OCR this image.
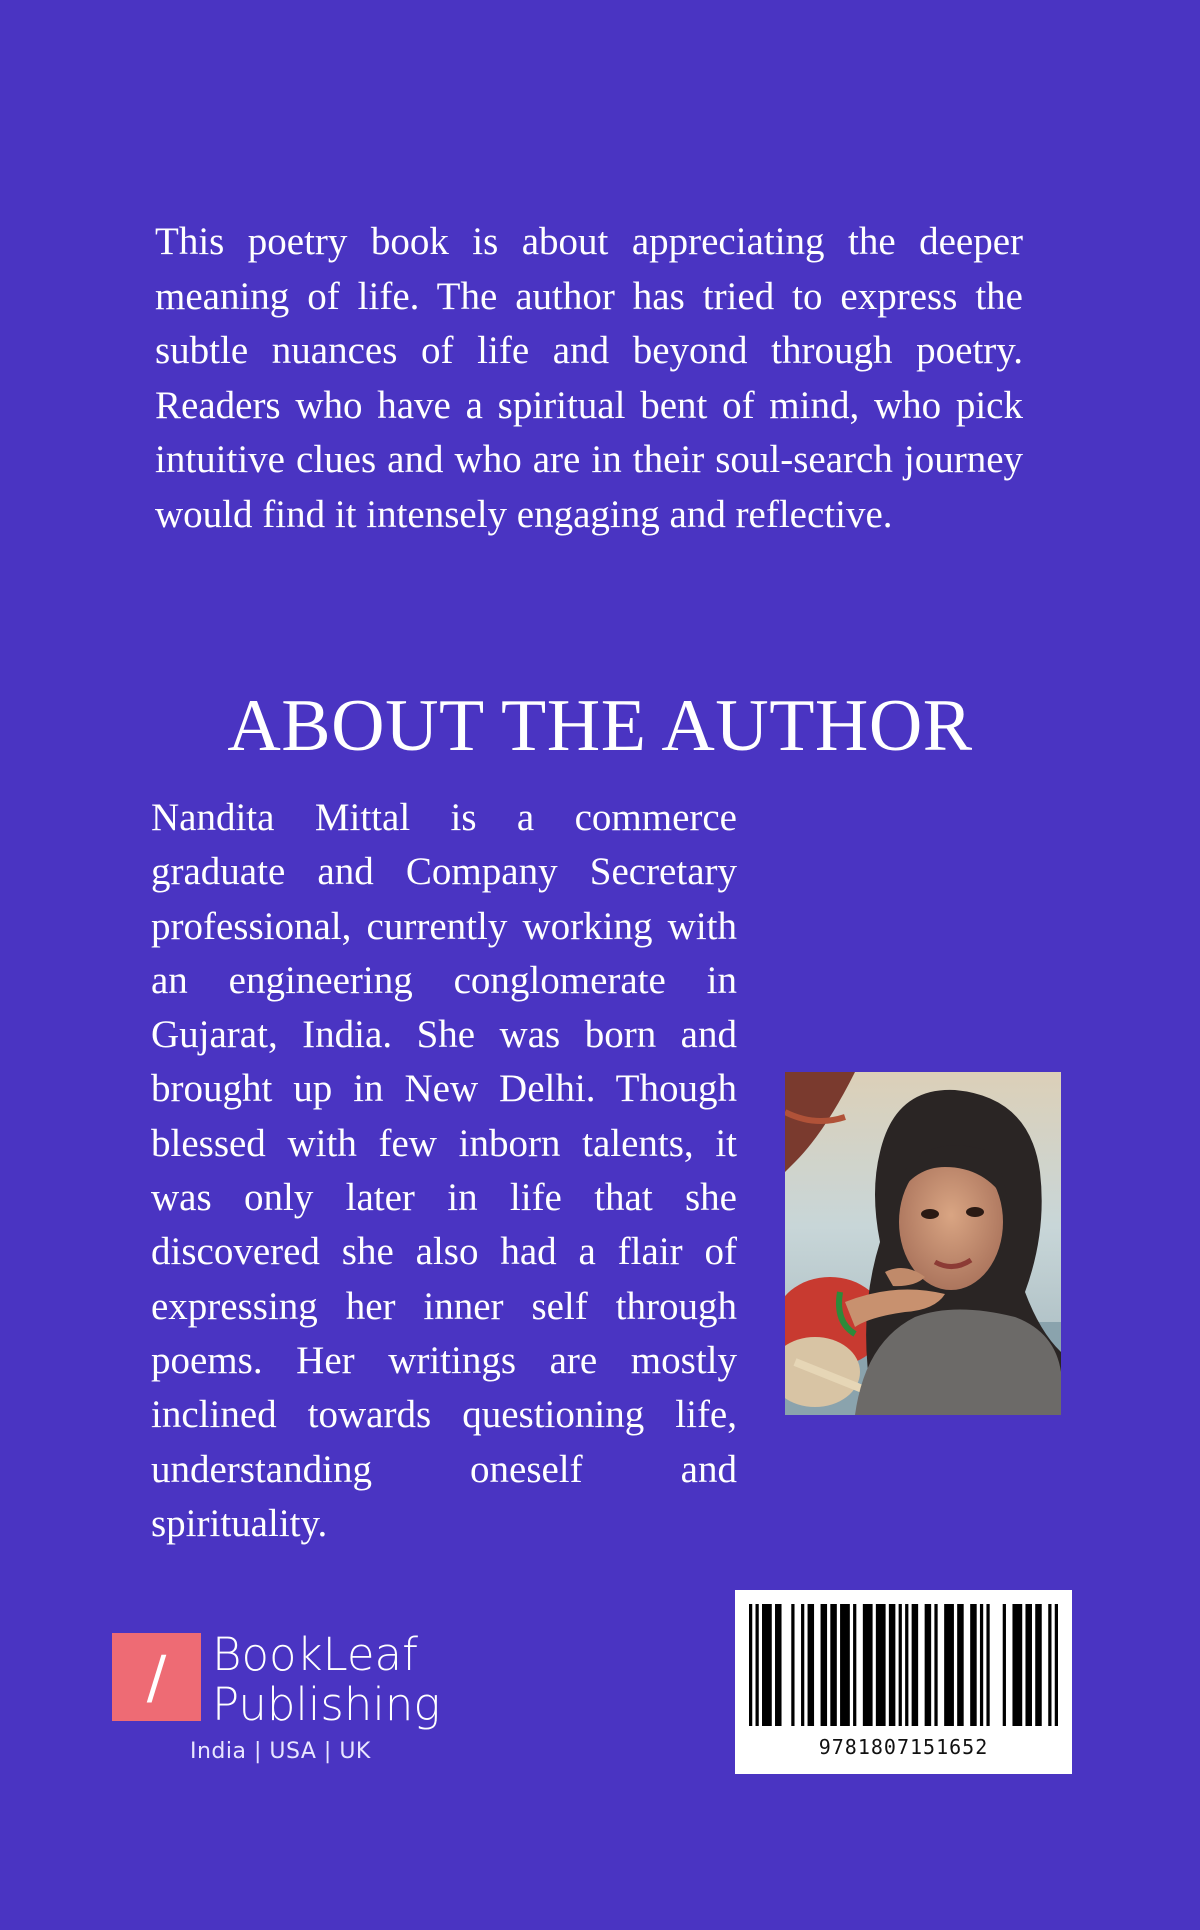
This poetry book is about appreciating the deeper meaning of life. The author has tried to express the subtle nuances of life and beyond through poetry. Readers who have a spiritual bent of mind, who pick intuitive clues and who are in their soul-search journey would find it intensely engaging and reflective.

ABOUT THE AUTHOR

Nandita Mittal is a commerce graduate and Company Secretary professional, currently working with an engineering conglomerate in Gujarat, India. She was born and brought up in New Delhi. Though blessed with few inborn talents, it was only later in life that she discovered she also had a flair of expressing her inner self through poems. Her writings are mostly inclined towards questioning life, understanding oneself and spirituality.

/	BookLeaf
Publishing
India | USA | UK	9781807151652
